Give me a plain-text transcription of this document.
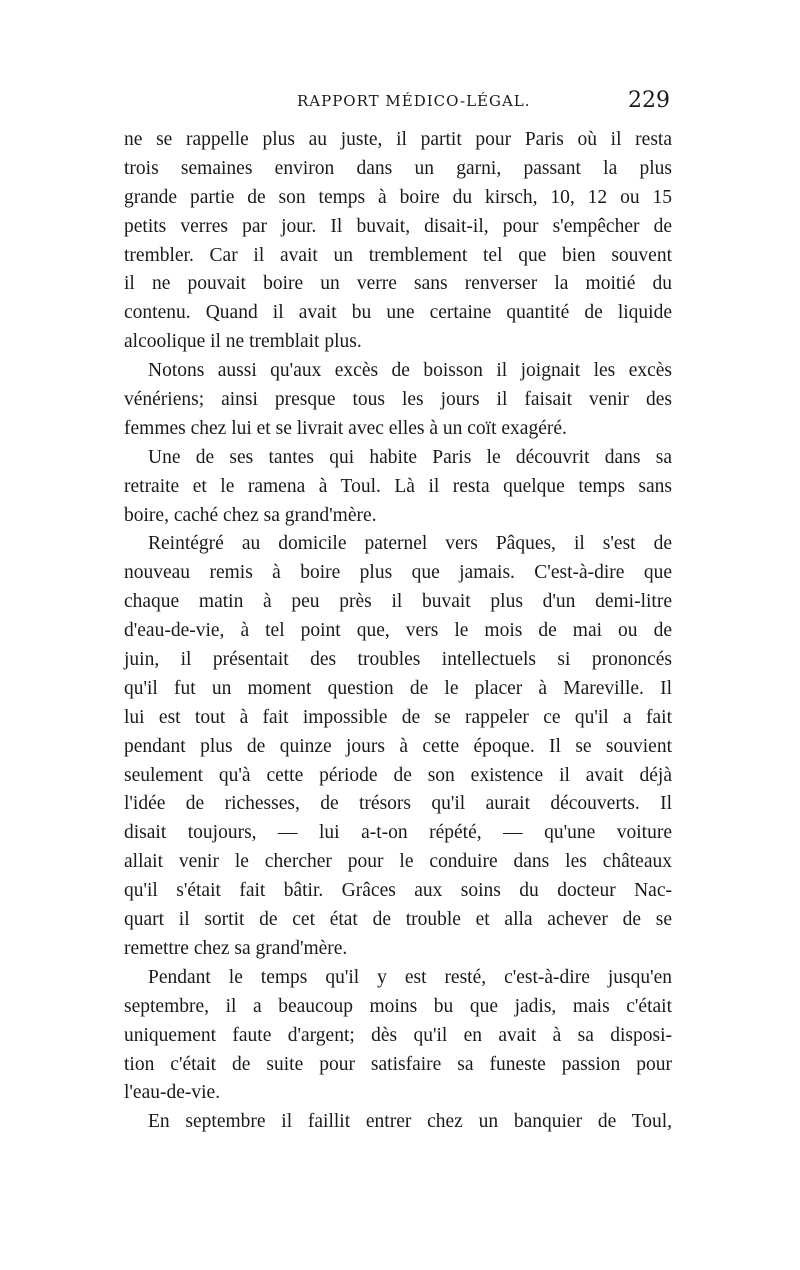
RAPPORT MÉDICO-LÉGAL.	229
ne se rappelle plus au juste, il partit pour Paris où il resta
trois semaines environ dans un garni, passant la plus
grande partie de son temps à boire du kirsch, 10, 12 ou 15
petits verres par jour. Il buvait, disait-il, pour s'empêcher de
trembler. Car il avait un tremblement tel que bien souvent
il ne pouvait boire un verre sans renverser la moitié du
contenu. Quand il avait bu une certaine quantité de liquide
alcoolique il ne tremblait plus.
Notons aussi qu'aux excès de boisson il joignait les excès
vénériens; ainsi presque tous les jours il faisait venir des
femmes chez lui et se livrait avec elles à un coït exagéré.
Une de ses tantes qui habite Paris le découvrit dans sa
retraite et le ramena à Toul. Là il resta quelque temps sans
boire, caché chez sa grand'mère.
Reintégré au domicile paternel vers Pâques, il s'est de
nouveau remis à boire plus que jamais. C'est-à-dire que
chaque matin à peu près il buvait plus d'un demi-litre
d'eau-de-vie, à tel point que, vers le mois de mai ou de
juin, il présentait des troubles intellectuels si prononcés
qu'il fut un moment question de le placer à Mareville. Il
lui est tout à fait impossible de se rappeler ce qu'il a fait
pendant plus de quinze jours à cette époque. Il se souvient
seulement qu'à cette période de son existence il avait déjà
l'idée de richesses, de trésors qu'il aurait découverts. Il
disait toujours, — lui a-t-on répété, — qu'une voiture
allait venir le chercher pour le conduire dans les châteaux
qu'il s'était fait bâtir. Grâces aux soins du docteur Nac-
quart il sortit de cet état de trouble et alla achever de se
remettre chez sa grand'mère.
Pendant le temps qu'il y est resté, c'est-à-dire jusqu'en
septembre, il a beaucoup moins bu que jadis, mais c'était
uniquement faute d'argent; dès qu'il en avait à sa disposi-
tion c'était de suite pour satisfaire sa funeste passion pour
l'eau-de-vie.
En septembre il faillit entrer chez un banquier de Toul,
